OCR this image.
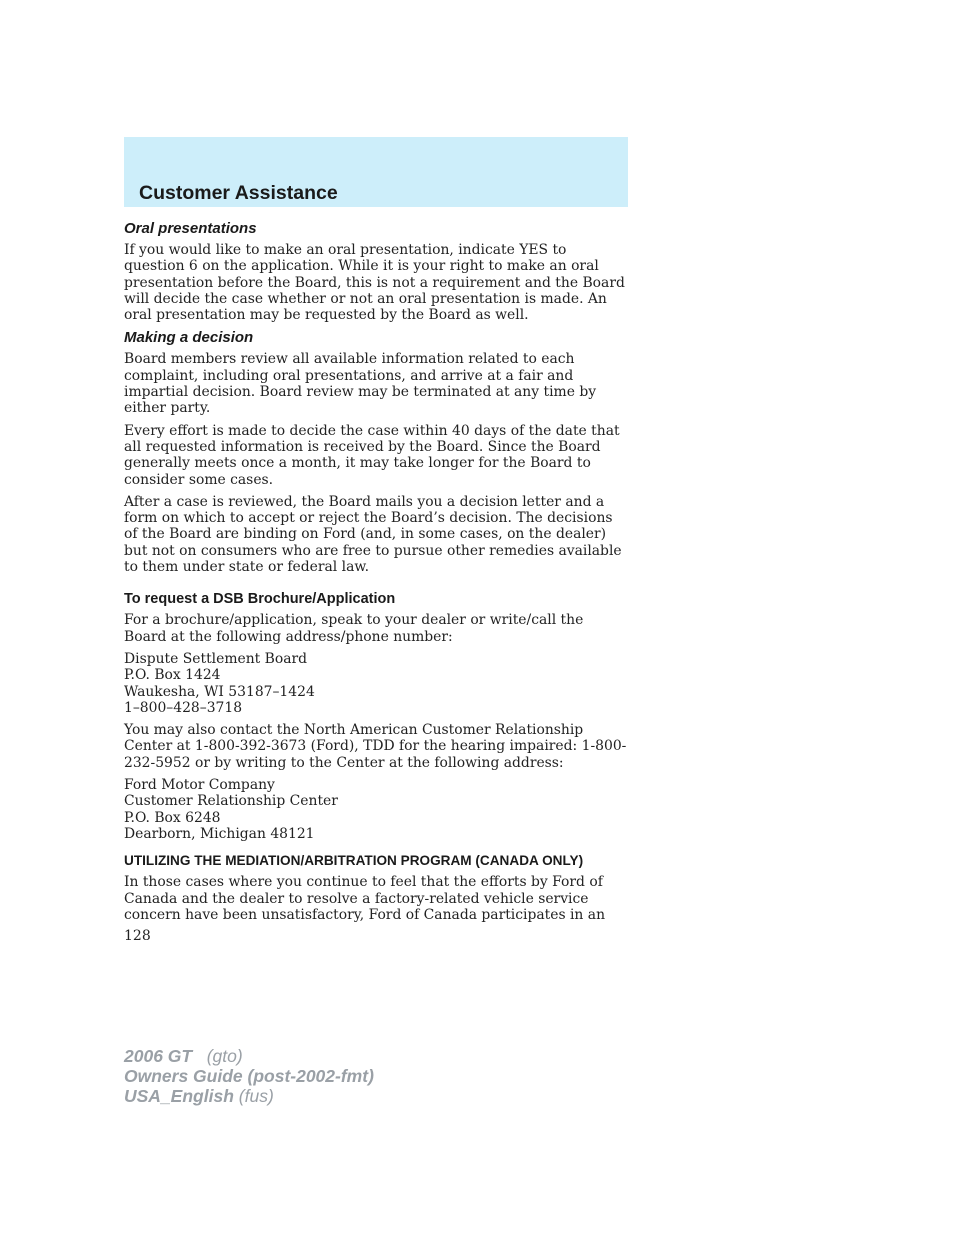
Customer Assistance
Oral presentations

If you would like to make an oral presentation, indicate YES to question 6 on the application. While it is your right to make an oral presentation before the Board, this is not a requirement and the Board will decide the case whether or not an oral presentation is made. An oral presentation may be requested by the Board as well.

Making a decision

Board members review all available information related to each complaint, including oral presentations, and arrive at a fair and impartial decision. Board review may be terminated at any time by either party.

Every effort is made to decide the case within 40 days of the date that all requested information is received by the Board. Since the Board generally meets once a month, it may take longer for the Board to consider some cases.

After a case is reviewed, the Board mails you a decision letter and a form on which to accept or reject the Board’s decision. The decisions of the Board are binding on Ford (and, in some cases, on the dealer) but not on consumers who are free to pursue other remedies available to them under state or federal law.

To request a DSB Brochure/Application

For a brochure/application, speak to your dealer or write/call the Board at the following address/phone number:

Dispute Settlement Board
P.O. Box 1424
Waukesha, WI 53187–1424
1–800–428–3718

You may also contact the North American Customer Relationship Center at 1-800-392-3673 (Ford), TDD for the hearing impaired: 1-800-232-5952 or by writing to the Center at the following address:

Ford Motor Company
Customer Relationship Center
P.O. Box 6248
Dearborn, Michigan 48121

UTILIZING THE MEDIATION/ARBITRATION PROGRAM (CANADA ONLY)

In those cases where you continue to feel that the efforts by Ford of Canada and the dealer to resolve a factory-related vehicle service concern have been unsatisfactory, Ford of Canada participates in an

128
2006 GT (gto)
Owners Guide (post-2002-fmt)
USA_English (fus)
